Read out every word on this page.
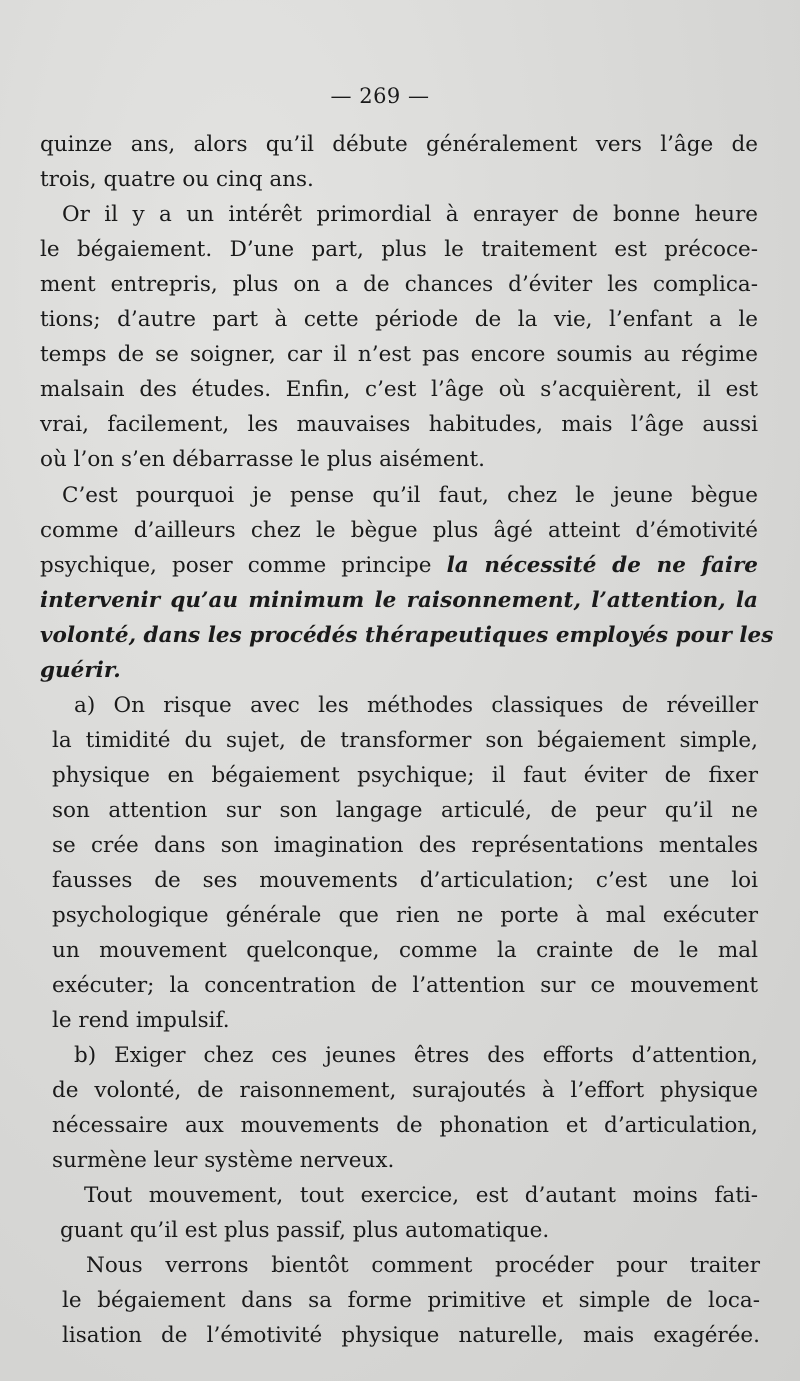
— 269 —
quinze ans, alors qu’il débute généralement vers l’âge de
trois, quatre ou cinq ans.
Or il y a un intérêt primordial à enrayer de bonne heure
le bégaiement. D’une part, plus le traitement est précoce-
ment entrepris, plus on a de chances d’éviter les complica-
tions; d’autre part à cette période de la vie, l’enfant a le
temps de se soigner, car il n’est pas encore soumis au régime
malsain des études. Enfin, c’est l’âge où s’acquièrent, il est
vrai, facilement, les mauvaises habitudes, mais l’âge aussi
où l’on s’en débarrasse le plus aisément.
C’est pourquoi je pense qu’il faut, chez le jeune bègue
comme d’ailleurs chez le bègue plus âgé atteint d’émotivité
psychique, poser comme principe la nécessité de ne faire
intervenir qu’au minimum le raisonnement, l’attention, la
volonté, dans les procédés thérapeutiques employés pour les
guérir.
a) On risque avec les méthodes classiques de réveiller
la timidité du sujet, de transformer son bégaiement simple,
physique en bégaiement psychique; il faut éviter de fixer
son attention sur son langage articulé, de peur qu’il ne
se crée dans son imagination des représentations mentales
fausses de ses mouvements d’articulation; c’est une loi
psychologique générale que rien ne porte à mal exécuter
un mouvement quelconque, comme la crainte de le mal
exécuter; la concentration de l’attention sur ce mouvement
le rend impulsif.
b) Exiger chez ces jeunes êtres des efforts d’attention,
de volonté, de raisonnement, surajoutés à l’effort physique
nécessaire aux mouvements de phonation et d’articulation,
surmène leur système nerveux.
Tout mouvement, tout exercice, est d’autant moins fati-
guant qu’il est plus passif, plus automatique.
Nous verrons bientôt comment procéder pour traiter
le bégaiement dans sa forme primitive et simple de loca-
lisation de l’émotivité physique naturelle, mais exagérée.
